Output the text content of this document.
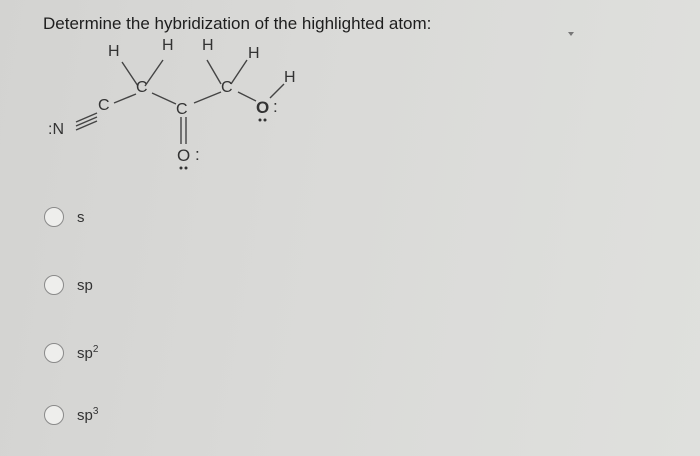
Determine the hybridization of the highlighted atom:
:N
C
C
C
C
H	H H H
H
O :
O :
s
sp
$sp^2$
$sp^3$
